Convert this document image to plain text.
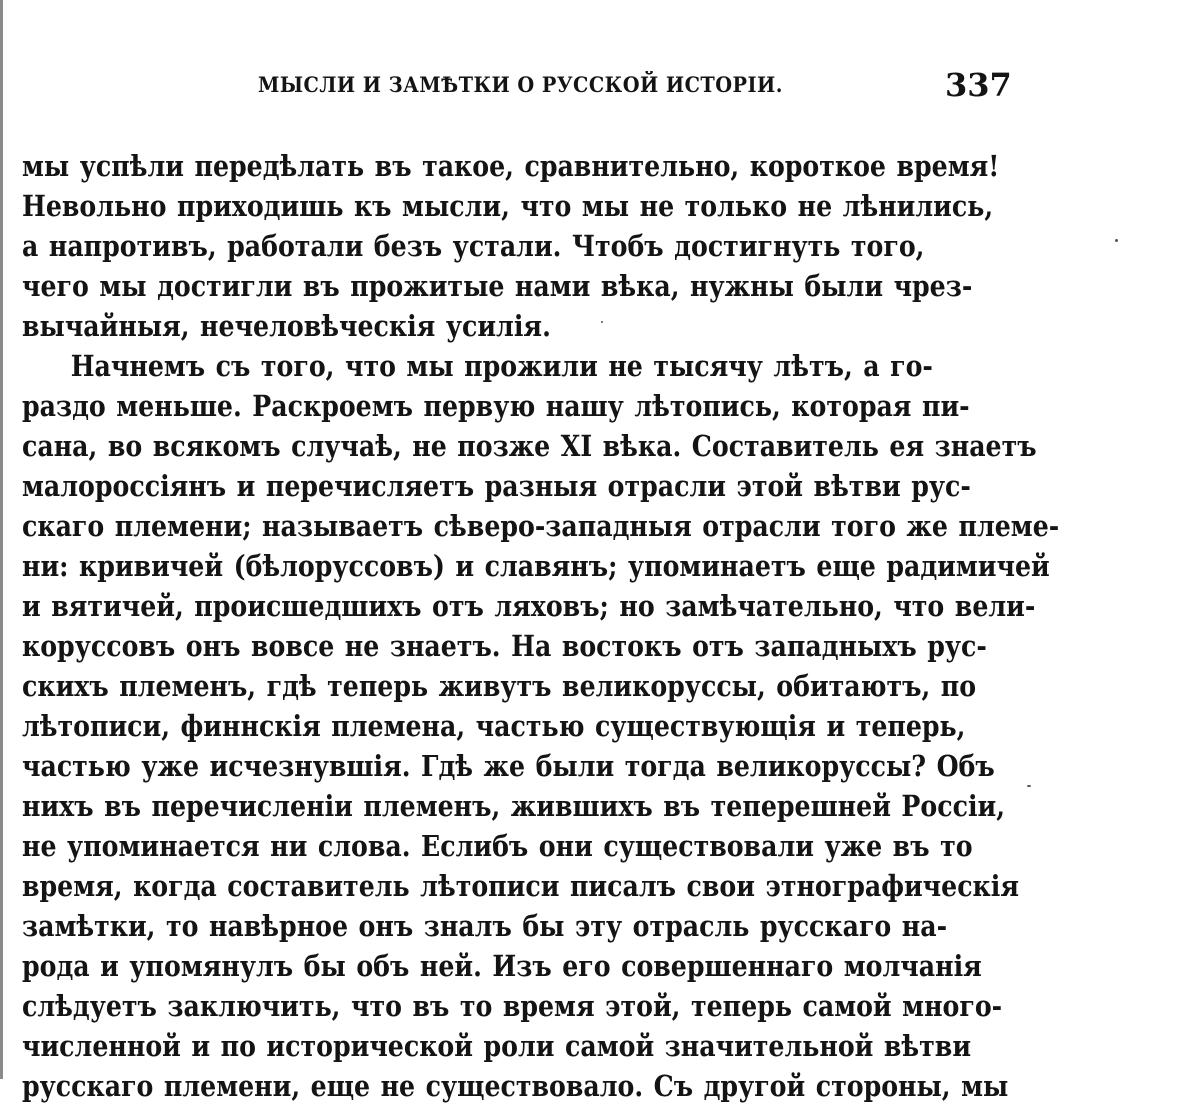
МЫСЛИ И ЗАМѢТКИ О РУССКОЙ ИСТОРIИ.	337
мы успѣли передѣлать въ такое, сравнительно, короткое время!
Невольно приходишь къ мысли, что мы не только не лѣнились,
а напротивъ, работали безъ устали. Чтобъ достигнуть того,
чего мы достигли въ прожитые нами вѣка, нужны были чрез-
вычайныя, нечеловѣческiя усилiя.
Начнемъ съ того, что мы прожили не тысячу лѣтъ, а го-
раздо меньше. Раскроемъ первую нашу лѣтопись, которая пи-
сана, во всякомъ случаѣ, не позже XI вѣка. Составитель ея знаетъ
малороссiянъ и перечисляетъ разныя отрасли этой вѣтви рус-
скаго племени; называетъ сѣверо-западныя отрасли того же племе-
ни: кривичей (бѣлоруссовъ) и славянъ; упоминаетъ еще радимичей
и вятичей, происшедшихъ отъ ляховъ; но замѣчательно, что вели-
коруссовъ онъ вовсе не знаетъ. На востокъ отъ западныхъ рус-
скихъ племенъ, гдѣ теперь живутъ великоруссы, обитаютъ, по
лѣтописи, финнскiя племена, частью существующiя и теперь,
частью уже исчезнувшiя. Гдѣ же были тогда великоруссы? Объ
нихъ въ перечисленiи племенъ, жившихъ въ теперешней Россiи,
не упоминается ни слова. Еслибъ они существовали уже въ то
время, когда составитель лѣтописи писалъ свои этнографическiя
замѣтки, то навѣрное онъ зналъ бы эту отрасль русскаго на-
рода и упомянулъ бы объ ней. Изъ его совершеннаго молчанiя
слѣдуетъ заключить, что въ то время этой, теперь самой много-
численной и по исторической роли самой значительной вѣтви
русскаго племени, еще не существовало. Съ другой стороны, мы
